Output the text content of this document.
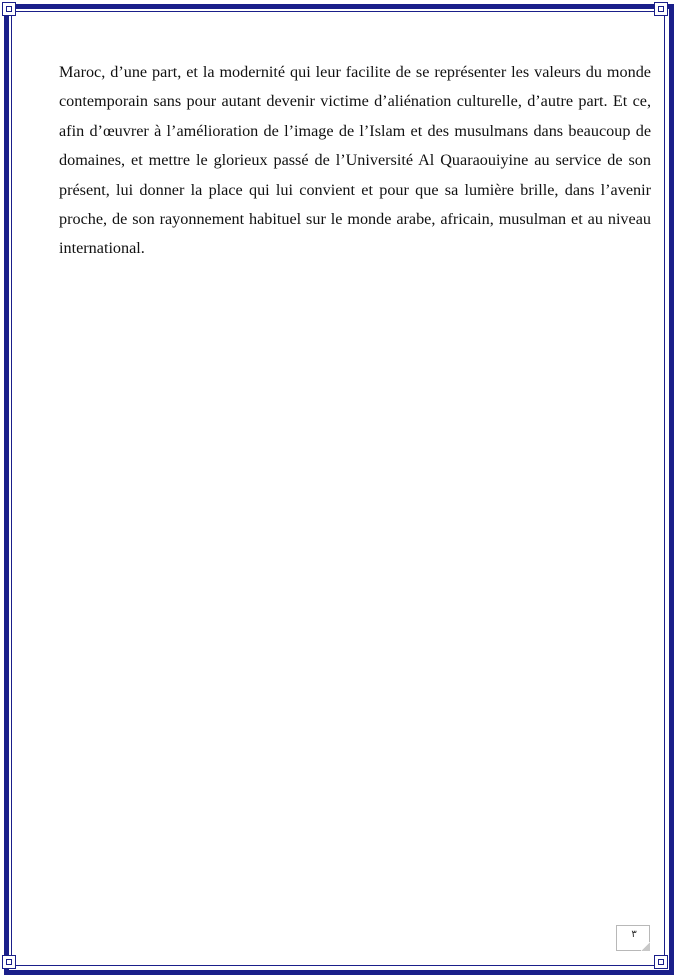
Maroc, d’une part, et la modernité qui leur facilite de se représenter les valeurs du monde contemporain sans pour autant devenir victime d’aliénation culturelle, d’autre part. Et ce, afin d’œuvrer à l’amélioration de l’image de l’Islam et des musulmans dans beaucoup de domaines, et mettre le glorieux passé de l’Université Al Quaraouiyine au service de son présent, lui donner la place qui lui convient et pour que sa lumière brille, dans l’avenir proche, de son rayonnement habituel sur le monde arabe, africain, musulman et au niveau international.

٣
